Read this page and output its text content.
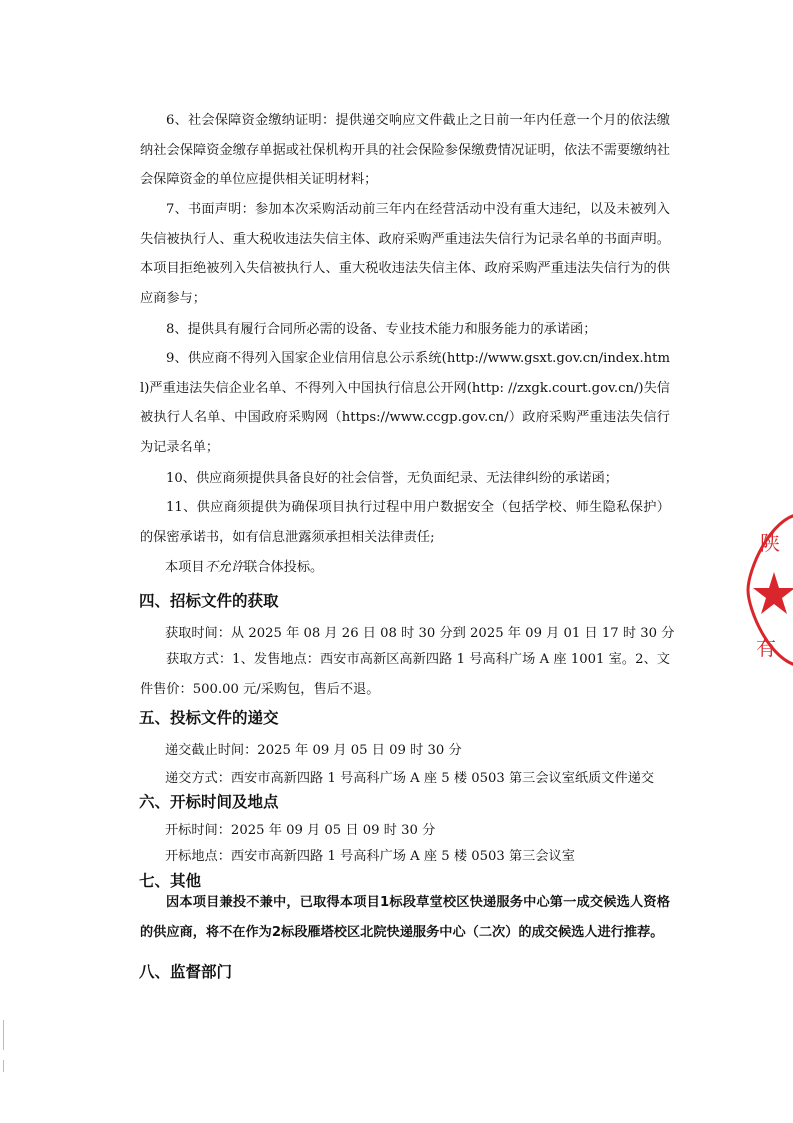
6、社会保障资金缴纳证明：提供递交响应文件截止之日前一年内任意一个月的依法缴纳社会保障资金缴存单据或社保机构开具的社会保险参保缴费情况证明，依法不需要缴纳社会保障资金的单位应提供相关证明材料；
7、书面声明：参加本次采购活动前三年内在经营活动中没有重大违纪，以及未被列入失信被执行人、重大税收违法失信主体、政府采购严重违法失信行为记录名单的书面声明。本项目拒绝被列入失信被执行人、重大税收违法失信主体、政府采购严重违法失信行为的供应商参与；
8、提供具有履行合同所必需的设备、专业技术能力和服务能力的承诺函；
9、供应商不得列入国家企业信用信息公示系统(http://www.gsxt.gov.cn/index.html)严重违法失信企业名单、不得列入中国执行信息公开网(http: //zxgk.court.gov.cn/)失信被执行人名单、中国政府采购网（https://www.ccgp.gov.cn/）政府采购严重违法失信行为记录名单；
10、供应商须提供具备良好的社会信誉，无负面纪录、无法律纠纷的承诺函；
11、供应商须提供为确保项目执行过程中用户数据安全（包括学校、师生隐私保护）的保密承诺书，如有信息泄露须承担相关法律责任;
本项目不允许联合体投标。
四、招标文件的获取
获取时间：从 2025 年 08 月 26 日 08 时 30 分到 2025 年 09 月 01 日 17 时 30 分
获取方式：1、发售地点：西安市高新区高新四路 1 号高科广场 A 座 1001 室。2、文件售价：500.00 元/采购包，售后不退。
五、投标文件的递交
递交截止时间：2025 年 09 月 05 日 09 时 30 分
递交方式：西安市高新四路 1 号高科广场 A 座 5 楼 0503 第三会议室纸质文件递交
六、开标时间及地点
开标时间：2025 年 09 月 05 日 09 时 30 分
开标地点：西安市高新四路 1 号高科广场 A 座 5 楼 0503 第三会议室
七、其他
因本项目兼投不兼中，已取得本项目1标段草堂校区快递服务中心第一成交候选人资格的供应商，将不在作为2标段雁塔校区北院快递服务中心（二次）的成交候选人进行推荐。
八、监督部门
陕
有
